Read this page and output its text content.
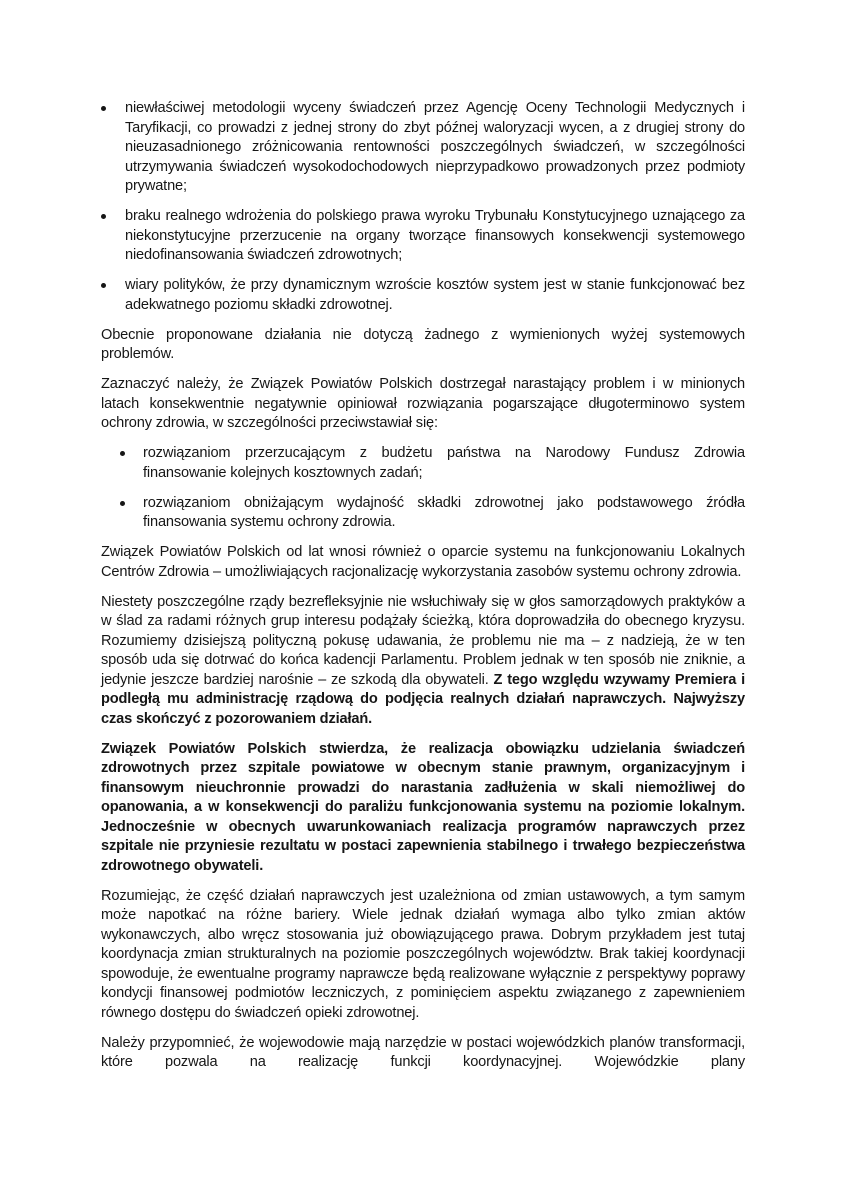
niewłaściwej metodologii wyceny świadczeń przez Agencję Oceny Technologii Medycznych i Taryfikacji, co prowadzi z jednej strony do zbyt późnej waloryzacji wycen, a z drugiej strony do nieuzasadnionego zróżnicowania rentowności poszczególnych świadczeń, w szczególności utrzymywania świadczeń wysokodochodowych nieprzypadkowo prowadzonych przez podmioty prywatne;
braku realnego wdrożenia do polskiego prawa wyroku Trybunału Konstytucyjnego uznającego za niekonstytucyjne przerzucenie na organy tworzące finansowych konsekwencji systemowego niedofinansowania świadczeń zdrowotnych;
wiary polityków, że przy dynamicznym wzroście kosztów system jest w stanie funkcjonować bez adekwatnego poziomu składki zdrowotnej.

Obecnie proponowane działania nie dotyczą żadnego z wymienionych wyżej systemowych problemów.

Zaznaczyć należy, że Związek Powiatów Polskich dostrzegał narastający problem i w minionych latach konsekwentnie negatywnie opiniował rozwiązania pogarszające długoterminowo system ochrony zdrowia, w szczególności przeciwstawiał się:

rozwiązaniom przerzucającym z budżetu państwa na Narodowy Fundusz Zdrowia finansowanie kolejnych kosztownych zadań;
rozwiązaniom obniżającym wydajność składki zdrowotnej jako podstawowego źródła finansowania systemu ochrony zdrowia.

Związek Powiatów Polskich od lat wnosi również o oparcie systemu na funkcjonowaniu Lokalnych Centrów Zdrowia – umożliwiających racjonalizację wykorzystania zasobów systemu ochrony zdrowia.

Niestety poszczególne rządy bezrefleksyjnie nie wsłuchiwały się w głos samorządowych praktyków a w ślad za radami różnych grup interesu podążały ścieżką, która doprowadziła do obecnego kryzysu. Rozumiemy dzisiejszą polityczną pokusę udawania, że problemu nie ma – z nadzieją, że w ten sposób uda się dotrwać do końca kadencji Parlamentu. Problem jednak w ten sposób nie zniknie, a jedynie jeszcze bardziej narośnie – ze szkodą dla obywateli. Z tego względu wzywamy Premiera i podległą mu administrację rządową do podjęcia realnych działań naprawczych. Najwyższy czas skończyć z pozorowaniem działań.

Związek Powiatów Polskich stwierdza, że realizacja obowiązku udzielania świadczeń zdrowotnych przez szpitale powiatowe w obecnym stanie prawnym, organizacyjnym i finansowym nieuchronnie prowadzi do narastania zadłużenia w skali niemożliwej do opanowania, a w konsekwencji do paraliżu funkcjonowania systemu na poziomie lokalnym. Jednocześnie w obecnych uwarunkowaniach realizacja programów naprawczych przez szpitale nie przyniesie rezultatu w postaci zapewnienia stabilnego i trwałego bezpieczeństwa zdrowotnego obywateli.

Rozumiejąc, że część działań naprawczych jest uzależniona od zmian ustawowych, a tym samym może napotkać na różne bariery. Wiele jednak działań wymaga albo tylko zmian aktów wykonawczych, albo wręcz stosowania już obowiązującego prawa. Dobrym przykładem jest tutaj koordynacja zmian strukturalnych na poziomie poszczególnych województw. Brak takiej koordynacji spowoduje, że ewentualne programy naprawcze będą realizowane wyłącznie z perspektywy poprawy kondycji finansowej podmiotów leczniczych, z pominięciem aspektu związanego z zapewnieniem równego dostępu do świadczeń opieki zdrowotnej.

Należy przypomnieć, że wojewodowie mają narzędzie w postaci wojewódzkich planów transformacji, które pozwala na realizację funkcji koordynacyjnej. Wojewódzkie plany
